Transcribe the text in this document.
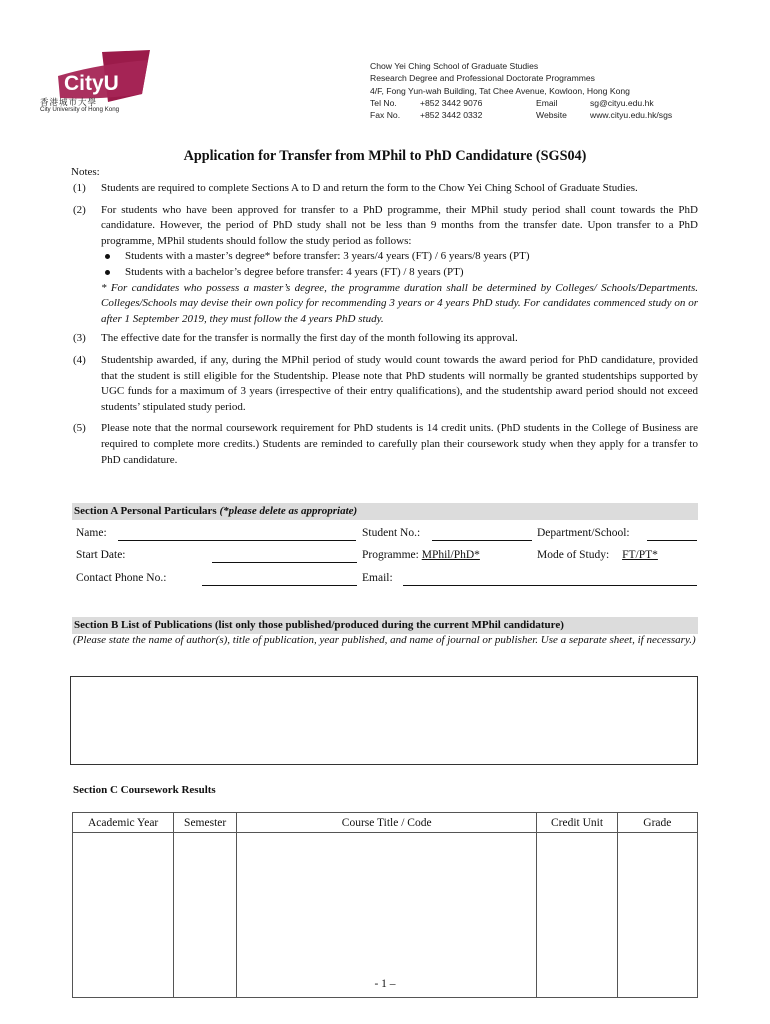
CityU
香港城市大學
City University of Hong Kong
Chow Yei Ching School of Graduate Studies
Research Degree and Professional Doctorate Programmes
4/F, Fong Yun-wah Building, Tat Chee Avenue, Kowloon, Hong Kong
Tel No.	+852 3442 9076	Email	sg@cityu.edu.hk
Fax No. +852 3442 0332	Website	www.cityu.edu.hk/sgs
Application for Transfer from MPhil to PhD Candidature (SGS04)
Notes:
(1) Students are required to complete Sections A to D and return the form to the Chow Yei Ching School of Graduate Studies.
(2) For students who have been approved for transfer to a PhD programme, their MPhil study period shall count towards the PhD candidature. However, the period of PhD study shall not be less than 9 months from the transfer date. Upon transfer to a PhD programme, MPhil students should follow the study period as follows:
Students with a master’s degree* before transfer: 3 years/4 years (FT) / 6 years/8 years (PT)
Students with a bachelor’s degree before transfer: 4 years (FT) / 8 years (PT)
* For candidates who possess a master’s degree, the programme duration shall be determined by Colleges/ Schools/Departments. Colleges/Schools may devise their own policy for recommending 3 years or 4 years PhD study. For candidates commenced study on or after 1 September 2019, they must follow the 4 years PhD study.
(3) The effective date for the transfer is normally the first day of the month following its approval.
(4) Studentship awarded, if any, during the MPhil period of study would count towards the award period for PhD candidature, provided that the student is still eligible for the Studentship. Please note that PhD students will normally be granted studentships supported by UGC funds for a maximum of 3 years (irrespective of their entry qualifications), and the studentship award period should not exceed students’ stipulated study period.
(5) Please note that the normal coursework requirement for PhD students is 14 credit units. (PhD students in the College of Business are required to complete more credits.) Students are reminded to carefully plan their coursework study when they apply for a transfer to PhD candidature.
Section A Personal Particulars (*please delete as appropriate)
Name:	Student No.:	Department/School:
Start Date:	Programme: MPhil/PhD*	Mode of Study: FT/PT*
Contact Phone No.:	Email:
Section B List of Publications (list only those published/produced during the current MPhil candidature)
(Please state the name of author(s), title of publication, year published, and name of journal or publisher. Use a separate sheet, if necessary.)
Section C Coursework Results
Academic Year	Semester	Course Title / Code	Credit Unit	Grade

- 1 –
